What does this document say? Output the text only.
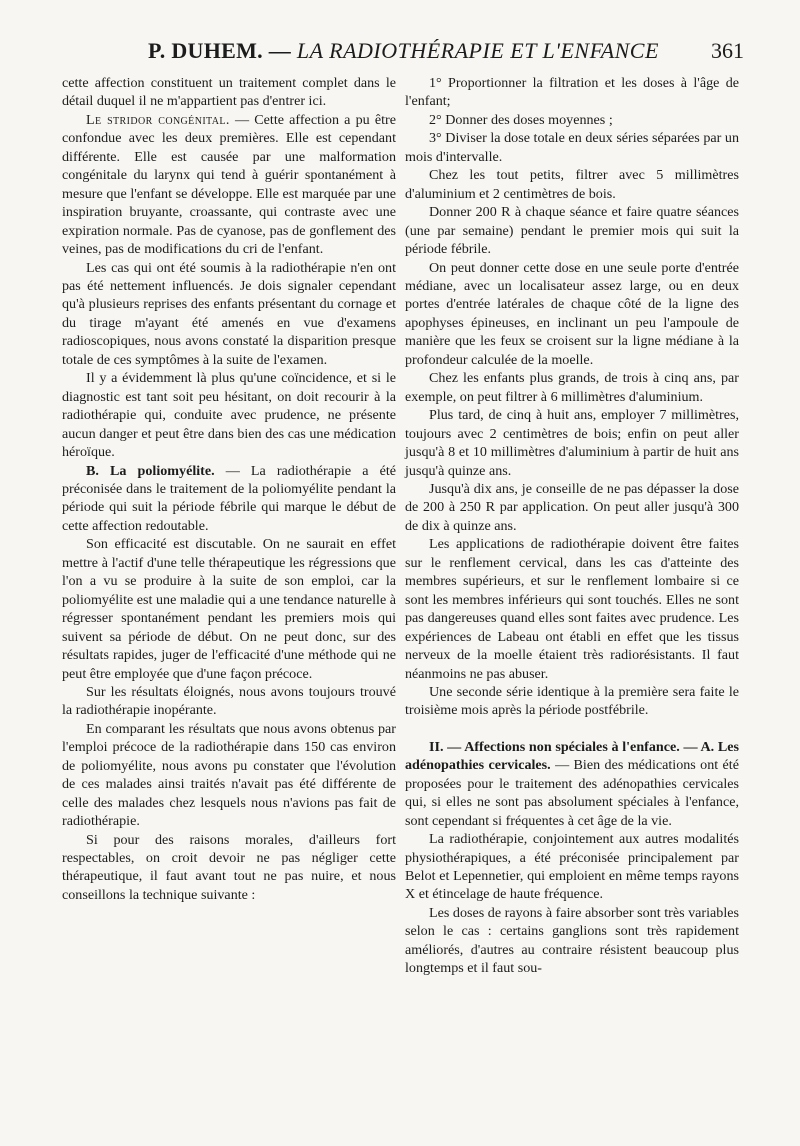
P. DUHEM. — LA RADIOTHÉRAPIE ET L'ENFANCE 361

cette affection constituent un traitement complet dans le détail duquel il ne m'appartient pas d'entrer ici.

Le stridor congénital. — Cette affection a pu être confondue avec les deux premières. Elle est cependant différente. Elle est causée par une malformation congénitale du larynx qui tend à guérir spontanément à mesure que l'enfant se développe. Elle est marquée par une inspiration bruyante, croassante, qui contraste avec une expiration normale. Pas de cyanose, pas de gonflement des veines, pas de modifications du cri de l'enfant.

Les cas qui ont été soumis à la radiothérapie n'en ont pas été nettement influencés. Je dois signaler cependant qu'à plusieurs reprises des enfants présentant du cornage et du tirage m'ayant été amenés en vue d'examens radioscopiques, nous avons constaté la disparition presque totale de ces symptômes à la suite de l'examen.

Il y a évidemment là plus qu'une coïncidence, et si le diagnostic est tant soit peu hésitant, on doit recourir à la radiothérapie qui, conduite avec prudence, ne présente aucun danger et peut être dans bien des cas une médication héroïque.

B. La poliomyélite. — La radiothérapie a été préconisée dans le traitement de la poliomyélite pendant la période qui suit la période fébrile qui marque le début de cette affection redoutable.

Son efficacité est discutable. On ne saurait en effet mettre à l'actif d'une telle thérapeutique les régressions que l'on a vu se produire à la suite de son emploi, car la poliomyélite est une maladie qui a une tendance naturelle à régresser spontanément pendant les premiers mois qui suivent sa période de début. On ne peut donc, sur des résultats rapides, juger de l'efficacité d'une méthode qui ne peut être employée que d'une façon précoce.

Sur les résultats éloignés, nous avons toujours trouvé la radiothérapie inopérante.

En comparant les résultats que nous avons obtenus par l'emploi précoce de la radiothérapie dans 150 cas environ de poliomyélite, nous avons pu constater que l'évolution de ces malades ainsi traités n'avait pas été différente de celle des malades chez lesquels nous n'avions pas fait de radiothérapie.

Si pour des raisons morales, d'ailleurs fort respectables, on croit devoir ne pas négliger cette thérapeutique, il faut avant tout ne pas nuire, et nous conseillons la technique suivante :

1° Proportionner la filtration et les doses à l'âge de l'enfant;

2° Donner des doses moyennes ;

3° Diviser la dose totale en deux séries séparées par un mois d'intervalle.

Chez les tout petits, filtrer avec 5 millimètres d'aluminium et 2 centimètres de bois.

Donner 200 R à chaque séance et faire quatre séances (une par semaine) pendant le premier mois qui suit la période fébrile.

On peut donner cette dose en une seule porte d'entrée médiane, avec un localisateur assez large, ou en deux portes d'entrée latérales de chaque côté de la ligne des apophyses épineuses, en inclinant un peu l'ampoule de manière que les feux se croisent sur la ligne médiane à la profondeur calculée de la moelle.

Chez les enfants plus grands, de trois à cinq ans, par exemple, on peut filtrer à 6 millimètres d'aluminium.

Plus tard, de cinq à huit ans, employer 7 millimètres, toujours avec 2 centimètres de bois; enfin on peut aller jusqu'à 8 et 10 millimètres d'aluminium à partir de huit ans jusqu'à quinze ans.

Jusqu'à dix ans, je conseille de ne pas dépasser la dose de 200 à 250 R par application. On peut aller jusqu'à 300 de dix à quinze ans.

Les applications de radiothérapie doivent être faites sur le renflement cervical, dans les cas d'atteinte des membres supérieurs, et sur le renflement lombaire si ce sont les membres inférieurs qui sont touchés. Elles ne sont pas dangereuses quand elles sont faites avec prudence. Les expériences de Labeau ont établi en effet que les tissus nerveux de la moelle étaient très radiorésistants. Il faut néanmoins ne pas abuser.

Une seconde série identique à la première sera faite le troisième mois après la période postfébrile.

II. — Affections non spéciales à l'enfance. — A. Les adénopathies cervicales. — Bien des médications ont été proposées pour le traitement des adénopathies cervicales qui, si elles ne sont pas absolument spéciales à l'enfance, sont cependant si fréquentes à cet âge de la vie.

La radiothérapie, conjointement aux autres modalités physiothérapiques, a été préconisée principalement par Belot et Lepennetier, qui emploient en même temps rayons X et étincelage de haute fréquence.

Les doses de rayons à faire absorber sont très variables selon le cas : certains ganglions sont très rapidement améliorés, d'autres au contraire résistent beaucoup plus longtemps et il faut sou-
